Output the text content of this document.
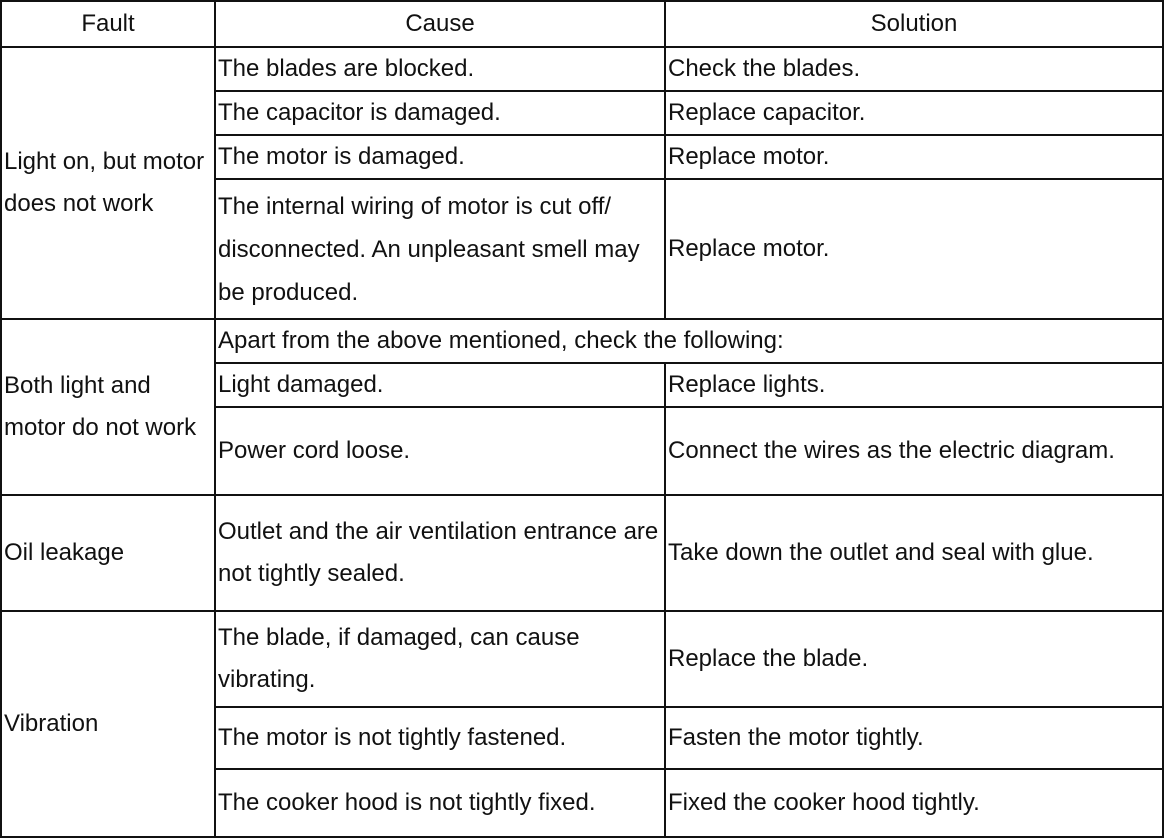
Fault	Cause	Solution
Light on, but motor does not work	The blades are blocked.	Check the blades.
	The capacitor is damaged.	Replace capacitor.
	The motor is damaged.	Replace motor.
	The internal wiring of motor is cut off/ disconnected. An unpleasant smell may be produced.	Replace motor.
Both light and motor do not work	Apart from the above mentioned, check the following:	
	Light damaged.	Replace lights.
	Power cord loose.	Connect the wires as the electric diagram.
Oil leakage	Outlet and the air ventilation entrance are not tightly sealed.	Take down the outlet and seal with glue.
Vibration	The blade, if damaged, can cause vibrating.	Replace the blade.
	The motor is not tightly fastened.	Fasten the motor tightly.
	The cooker hood is not tightly fixed.	Fixed the cooker hood tightly.
